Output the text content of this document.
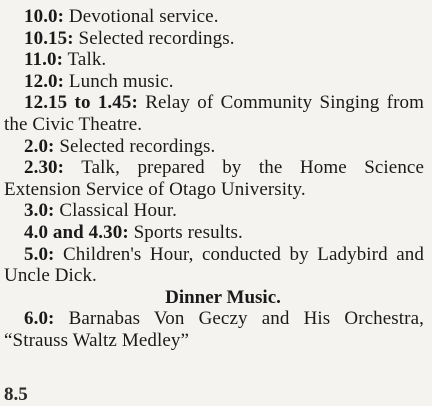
10.0: Devotional service.

10.15: Selected recordings.

11.0: Talk.

12.0: Lunch music.

12.15 to 1.45: Relay of Community Singing from the Civic Theatre.

2.0: Selected recordings.

2.30: Talk, prepared by the Home Science Extension Service of Otago University.

3.0: Classical Hour.

4.0 and 4.30: Sports results.

5.0: Children's Hour, conducted by Ladybird and Uncle Dick.

Dinner Music.

6.0: Barnabas Von Geczy and His Orchestra, “Strauss Waltz Medley”

8.5
